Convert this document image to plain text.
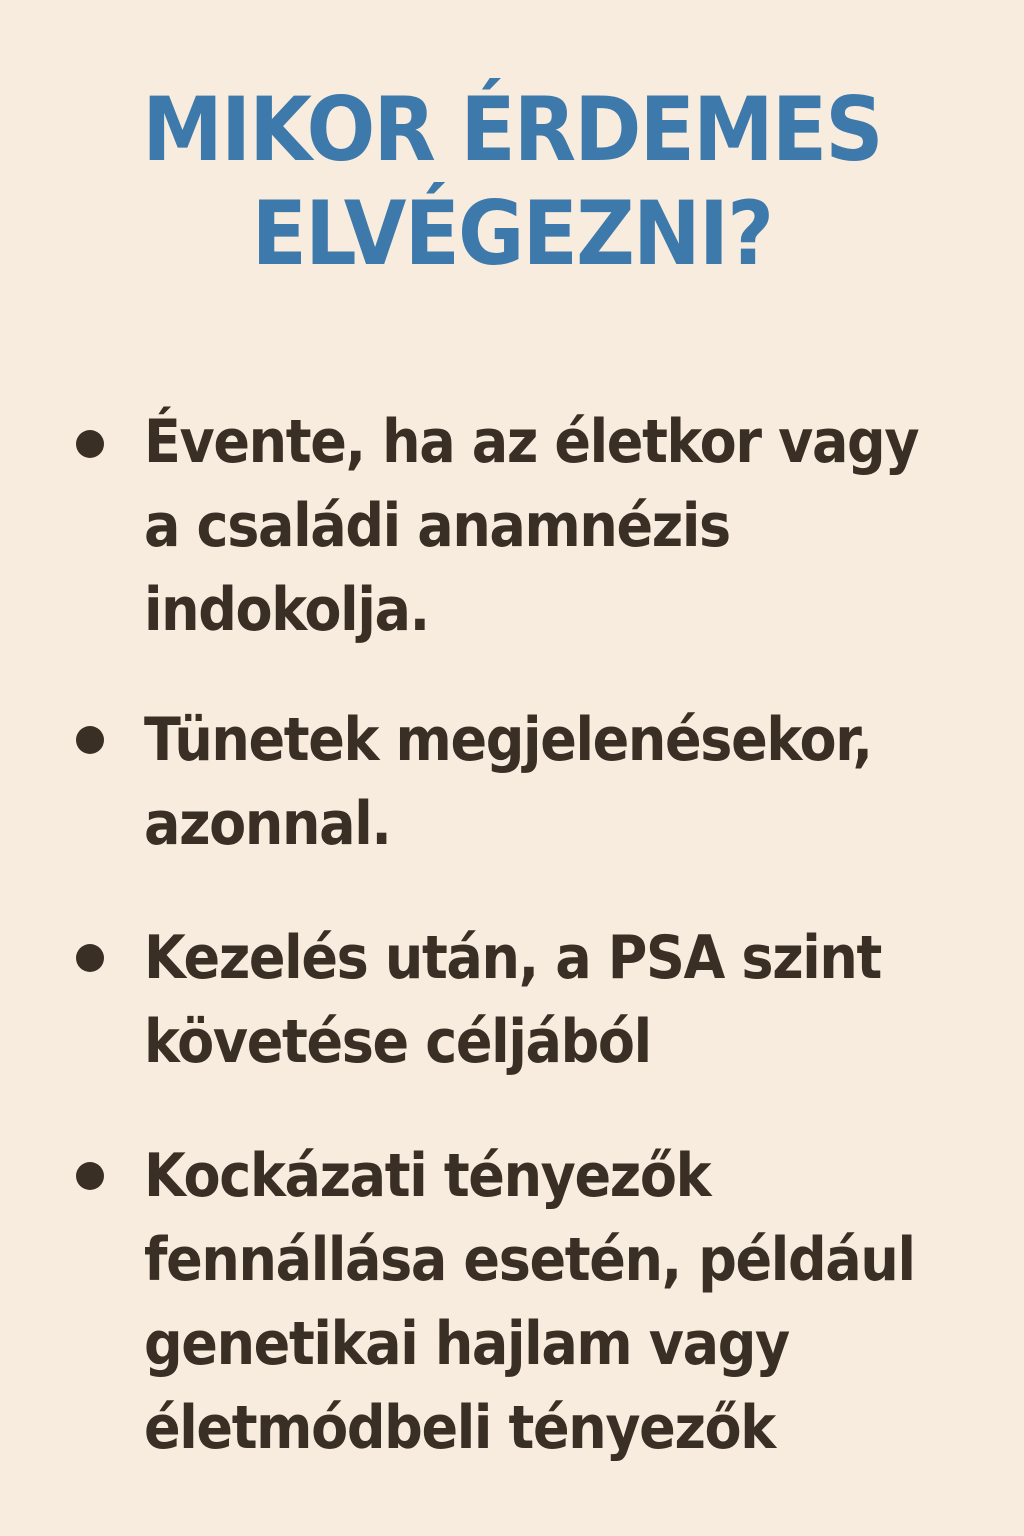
MIKOR ÉRDEMES
ELVÉGEZNI?
Évente, ha az életkor vagy
a családi anamnézis
indokolja.
Tünetek megjelenésekor,
azonnal.
Kezelés után, a PSA szint
követése céljából
Kockázati tényezők
fennállása esetén, például
genetikai hajlam vagy
életmódbeli tényezők
